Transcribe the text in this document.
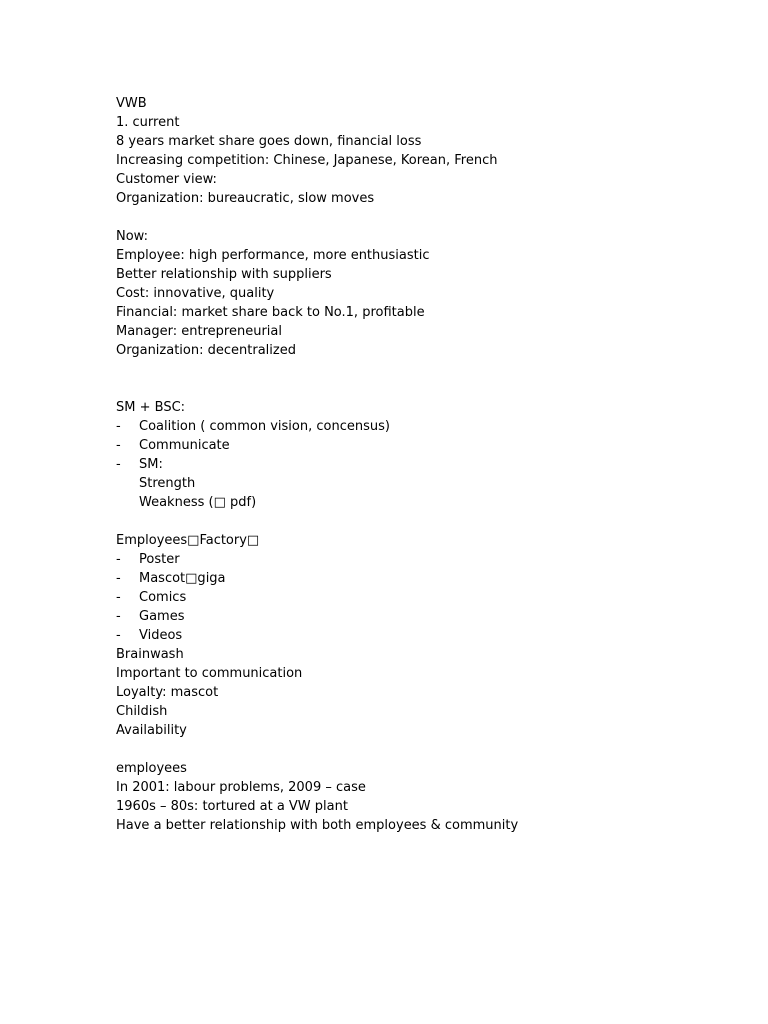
VWB
1. current
8 years market share goes down, financial loss
Increasing competition: Chinese, Japanese, Korean, French
Customer view:
Organization: bureaucratic, slow moves
Now:
Employee: high performance, more enthusiastic
Better relationship with suppliers
Cost: innovative, quality
Financial: market share back to No.1, profitable
Manager: entrepreneurial
Organization: decentralized
SM + BSC:
-	Coalition ( common vision, concensus)
-	Communicate
-	SM:
Strength
Weakness (□ pdf)
Employees□Factory□
-	Poster
-	Mascot□giga
-	Comics
-	Games
-	Videos
Brainwash
Important to communication
Loyalty: mascot
Childish
Availability
employees
In 2001: labour problems, 2009 – case
1960s – 80s: tortured at a VW plant
Have a better relationship with both employees & community
